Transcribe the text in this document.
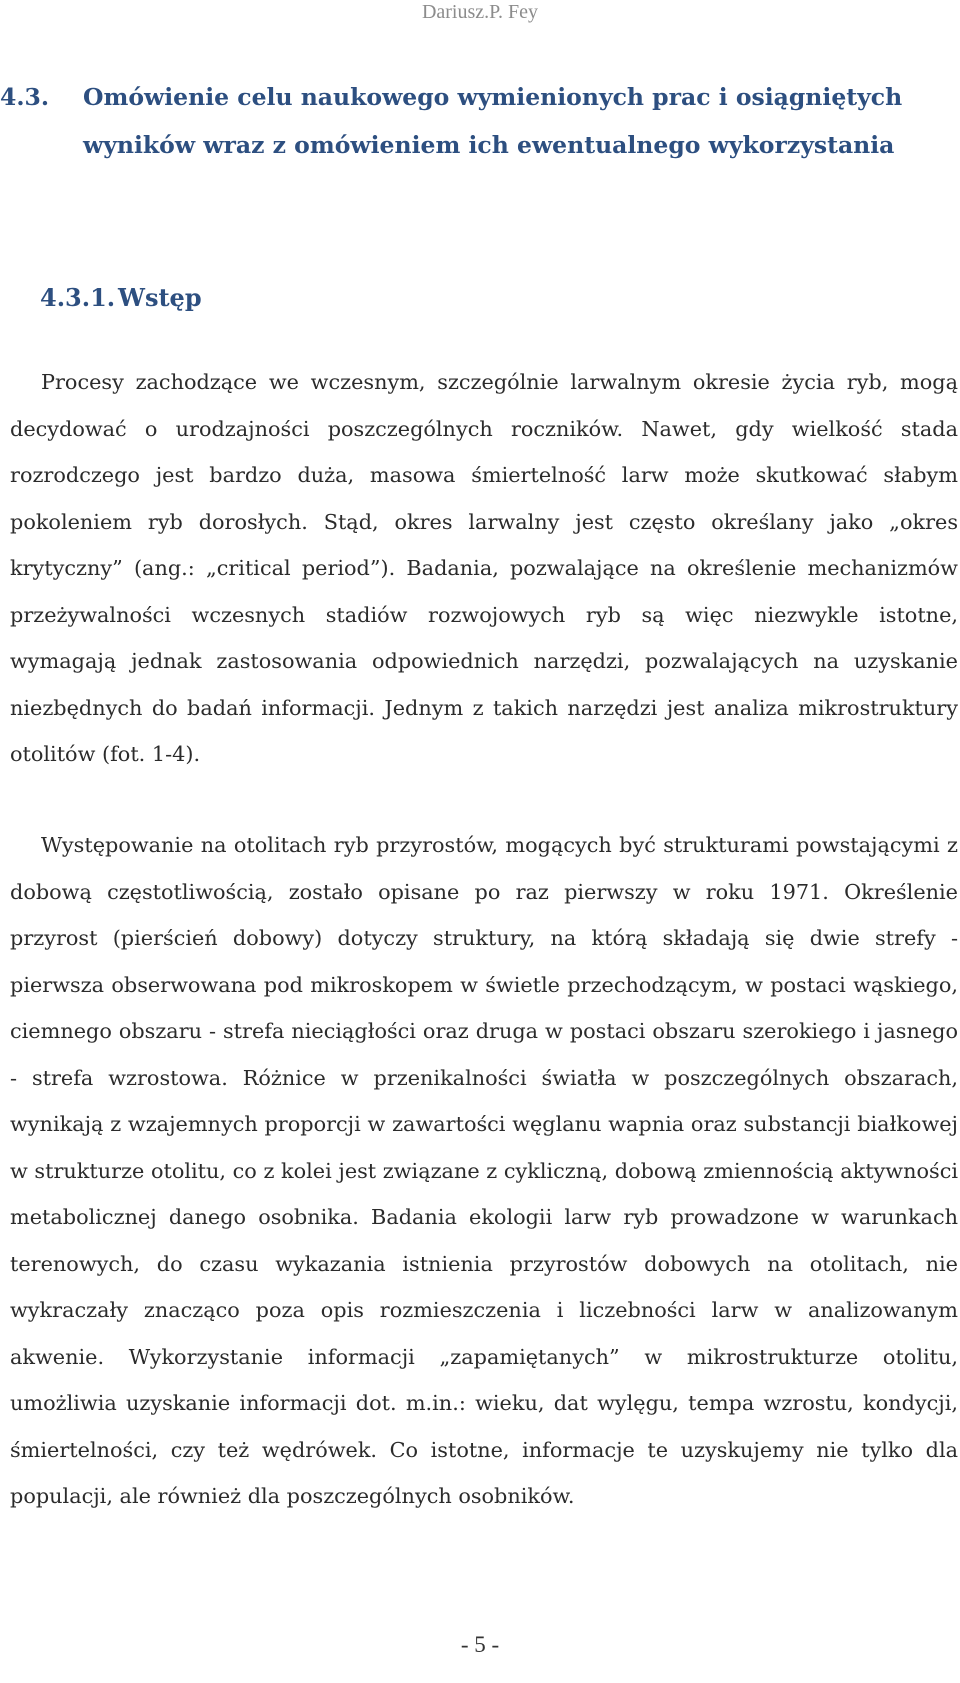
Dariusz.P. Fey
4.3.	Omówienie celu naukowego wymienionych prac i osiągniętych wyników wraz z omówieniem ich ewentualnego wykorzystania
4.3.1. Wstęp

Procesy zachodzące we wczesnym, szczególnie larwalnym okresie życia ryb, mogą decydować o urodzajności poszczególnych roczników. Nawet, gdy wielkość stada rozrodczego jest bardzo duża, masowa śmiertelność larw może skutkować słabym pokoleniem ryb dorosłych. Stąd, okres larwalny jest często określany jako „okres krytyczny” (ang.: „critical period”). Badania, pozwalające na określenie mechanizmów przeżywalności wczesnych stadiów rozwojowych ryb są więc niezwykle istotne, wymagają jednak zastosowania odpowiednich narzędzi, pozwalających na uzyskanie niezbędnych do badań informacji. Jednym z takich narzędzi jest analiza mikrostruktury otolitów (fot. 1-4).

Występowanie na otolitach ryb przyrostów, mogących być strukturami powstającymi z dobową częstotliwością, zostało opisane po raz pierwszy w roku 1971. Określenie przyrost (pierścień dobowy) dotyczy struktury, na którą składają się dwie strefy - pierwsza obserwowana pod mikroskopem w świetle przechodzącym, w postaci wąskiego, ciemnego obszaru - strefa nieciągłości oraz druga w postaci obszaru szerokiego i jasnego - strefa wzrostowa. Różnice w przenikalności światła w poszczególnych obszarach, wynikają z wzajemnych proporcji w zawartości węglanu wapnia oraz substancji białkowej w strukturze otolitu, co z kolei jest związane z cykliczną, dobową zmiennością aktywności metabolicznej danego osobnika. Badania ekologii larw ryb prowadzone w warunkach terenowych, do czasu wykazania istnienia przyrostów dobowych na otolitach, nie wykraczały znacząco poza opis rozmieszczenia i liczebności larw w analizowanym akwenie. Wykorzystanie informacji „zapamiętanych” w mikrostrukturze otolitu, umożliwia uzyskanie informacji dot. m.in.: wieku, dat wylęgu, tempa wzrostu, kondycji, śmiertelności, czy też wędrówek. Co istotne, informacje te uzyskujemy nie tylko dla populacji, ale również dla poszczególnych osobników.

- 5 -
